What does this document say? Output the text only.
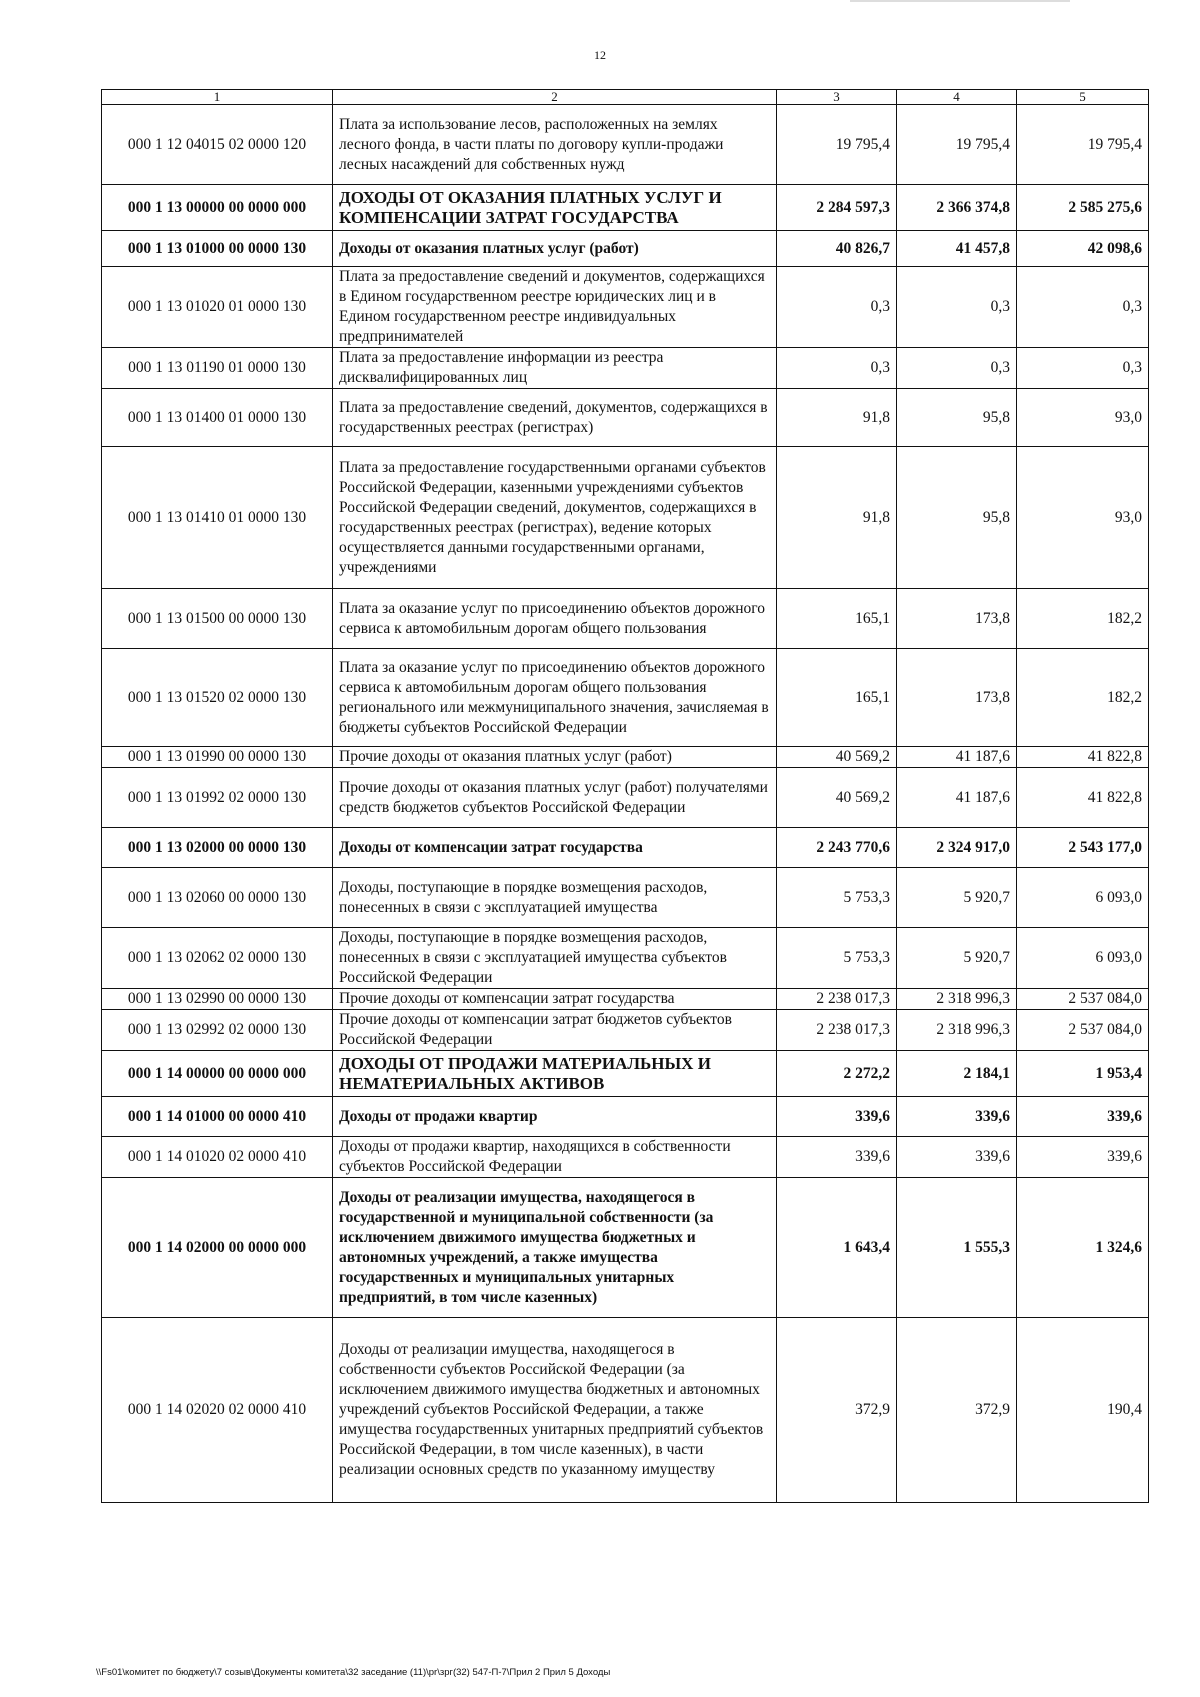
12
1	2	3	4	5
000 1 12 04015 02 0000 120	Плата за использование лесов, расположенных на землях лесного фонда, в части платы по договору купли-продажи лесных насаждений для собственных нужд	19 795,4	19 795,4	19 795,4
000 1 13 00000 00 0000 000	ДОХОДЫ ОТ ОКАЗАНИЯ ПЛАТНЫХ УСЛУГ И КОМПЕНСАЦИИ ЗАТРАТ ГОСУДАРСТВА	2 284 597,3	2 366 374,8	2 585 275,6
000 1 13 01000 00 0000 130	Доходы от оказания платных услуг (работ)	40 826,7	41 457,8	42 098,6
000 1 13 01020 01 0000 130	Плата за предоставление сведений и документов, содержащихся в Едином государственном реестре юридических лиц и в Едином государственном реестре индивидуальных предпринимателей	0,3	0,3	0,3
000 1 13 01190 01 0000 130	Плата за предоставление информации из реестра дисквалифицированных лиц	0,3	0,3	0,3
000 1 13 01400 01 0000 130	Плата за предоставление сведений, документов, содержащихся в государственных реестрах (регистрах)	91,8	95,8	93,0
000 1 13 01410 01 0000 130	Плата за предоставление государственными органами субъектов Российской Федерации, казенными учреждениями субъектов Российской Федерации сведений, документов, содержащихся в государственных реестрах (регистрах), ведение которых осуществляется данными государственными органами, учреждениями	91,8	95,8	93,0
000 1 13 01500 00 0000 130	Плата за оказание услуг по присоединению объектов дорожного сервиса к автомобильным дорогам общего пользования	165,1	173,8	182,2
000 1 13 01520 02 0000 130	Плата за оказание услуг по присоединению объектов дорожного сервиса к автомобильным дорогам общего пользования регионального или межмуниципального значения, зачисляемая в бюджеты субъектов Российской Федерации	165,1	173,8	182,2
000 1 13 01990 00 0000 130	Прочие доходы от оказания платных услуг (работ)	40 569,2	41 187,6	41 822,8
000 1 13 01992 02 0000 130	Прочие доходы от оказания платных услуг (работ) получателями средств бюджетов субъектов Российской Федерации	40 569,2	41 187,6	41 822,8
000 1 13 02000 00 0000 130	Доходы от компенсации затрат государства	2 243 770,6	2 324 917,0	2 543 177,0
000 1 13 02060 00 0000 130	Доходы, поступающие в порядке возмещения расходов, понесенных в связи с эксплуатацией имущества	5 753,3	5 920,7	6 093,0
000 1 13 02062 02 0000 130	Доходы, поступающие в порядке возмещения расходов, понесенных в связи с эксплуатацией имущества субъектов Российской Федерации	5 753,3	5 920,7	6 093,0
000 1 13 02990 00 0000 130	Прочие доходы от компенсации затрат государства	2 238 017,3	2 318 996,3	2 537 084,0
000 1 13 02992 02 0000 130	Прочие доходы от компенсации затрат бюджетов субъектов Российской Федерации	2 238 017,3	2 318 996,3	2 537 084,0
000 1 14 00000 00 0000 000	ДОХОДЫ ОТ ПРОДАЖИ МАТЕРИАЛЬНЫХ И НЕМАТЕРИАЛЬНЫХ АКТИВОВ	2 272,2	2 184,1	1 953,4
000 1 14 01000 00 0000 410	Доходы от продажи квартир	339,6	339,6	339,6
000 1 14 01020 02 0000 410	Доходы от продажи квартир, находящихся в собственности субъектов Российской Федерации	339,6	339,6	339,6
000 1 14 02000 00 0000 000	Доходы от реализации имущества, находящегося в государственной и муниципальной собственности (за исключением движимого имущества бюджетных и автономных учреждений, а также имущества государственных и муниципальных унитарных предприятий, в том числе казенных)	1 643,4	1 555,3	1 324,6
000 1 14 02020 02 0000 410	Доходы от реализации имущества, находящегося в собственности субъектов Российской Федерации (за исключением движимого имущества бюджетных и автономных учреждений субъектов Российской Федерации, а также имущества государственных унитарных предприятий субъектов Российской Федерации, в том числе казенных), в части реализации основных средств по указанному имуществу	372,9	372,9	190,4
\\Fs01\комитет по бюджету\7 созыв\Документы комитета\32 заседание (11)\pr\зрг(32) 547-П-7\Прил 2 Прил 5 Доходы
